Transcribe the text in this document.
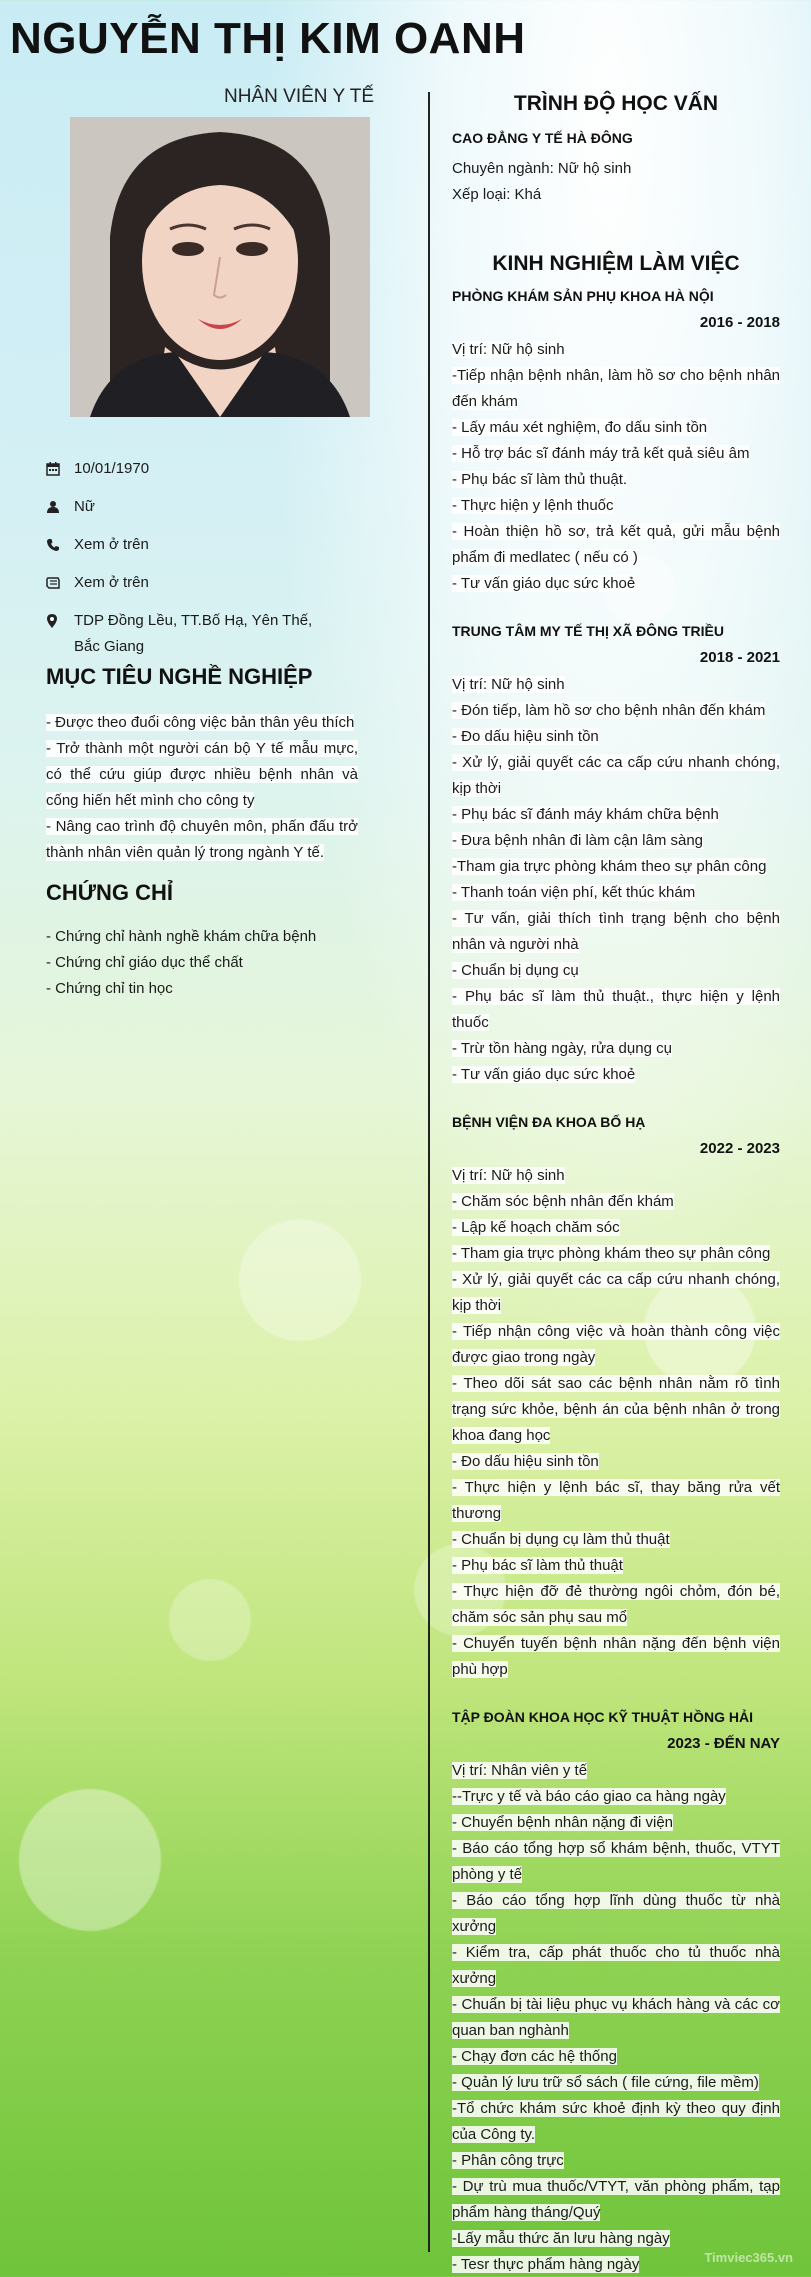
NGUYỄN THỊ KIM OANH
NHÂN VIÊN Y TẾ
10/01/1970
Nữ
Xem ở trên
Xem ở trên
TDP Đồng Lều, TT.Bố Hạ, Yên Thế, Bắc Giang
MỤC TIÊU NGHỀ NGHIỆP
- Được theo đuổi công việc bản thân yêu thích
- Trở thành một người cán bộ Y tế mẫu mực, có thể cứu giúp được nhiều bệnh nhân và cống hiến hết mình cho công ty
- Nâng cao trình độ chuyên môn, phấn đấu trở thành nhân viên quản lý trong ngành Y tế.
CHỨNG CHỈ
- Chứng chỉ hành nghề khám chữa bệnh
- Chứng chỉ giáo dục thể chất
- Chứng chỉ tin học
TRÌNH ĐỘ HỌC VẤN
CAO ĐẲNG Y TẾ HÀ ĐÔNG
Chuyên ngành: Nữ hộ sinh
Xếp loại: Khá
KINH NGHIỆM LÀM VIỆC
PHÒNG KHÁM SẢN PHỤ KHOA HÀ NỘI
2016 - 2018
Vị trí: Nữ hộ sinh
-Tiếp nhận bệnh nhân, làm hồ sơ cho bệnh nhân đến khám
- Lấy máu xét nghiệm, đo dấu sinh tồn
- Hỗ trợ bác sĩ đánh máy trả kết quả siêu âm
- Phụ bác sĩ làm thủ thuật.
- Thực hiện y lệnh thuốc
- Hoàn thiện hồ sơ, trả kết quả, gửi mẫu bệnh phẩm đi medlatec ( nếu có )
- Tư vấn giáo dục sức khoẻ
TRUNG TÂM MY TẾ THỊ XÃ ĐÔNG TRIỀU
2018 - 2021
Vị trí: Nữ hộ sinh
- Đón tiếp, làm hồ sơ cho bệnh nhân đến khám
- Đo dấu hiệu sinh tồn
- Xử lý, giải quyết các ca cấp cứu nhanh chóng, kịp thời
- Phụ bác sĩ đánh máy khám chữa bệnh
- Đưa bệnh nhân đi làm cận lâm sàng
-Tham gia trực phòng khám theo sự phân công
- Thanh toán viện phí, kết thúc khám
- Tư vấn, giải thích tình trạng bệnh cho bệnh nhân và người nhà
- Chuẩn bị dụng cụ
- Phụ bác sĩ làm thủ thuật., thực hiện y lệnh thuốc
- Trừ tồn hàng ngày, rửa dụng cụ
- Tư vấn giáo dục sức khoẻ
BỆNH VIỆN ĐA KHOA BỐ HẠ
2022 - 2023
Vị trí: Nữ hộ sinh
- Chăm sóc bệnh nhân đến khám
- Lập kế hoạch chăm sóc
- Tham gia trực phòng khám theo sự phân công
- Xử lý, giải quyết các ca cấp cứu nhanh chóng, kịp thời
- Tiếp nhận công việc và hoàn thành công việc được giao trong ngày
- Theo dõi sát sao các bệnh nhân nằm rõ tình trạng sức khỏe, bệnh án của bệnh nhân ở trong khoa đang học
- Đo dấu hiệu sinh tồn
- Thực hiện y lệnh bác sĩ, thay băng rửa vết thương
- Chuẩn bị dụng cụ làm thủ thuật
- Phụ bác sĩ làm thủ thuật
- Thực hiện đỡ đẻ thường ngôi chỏm, đón bé, chăm sóc sản phụ sau mổ
- Chuyển tuyến bệnh nhân nặng đến bệnh viện phù hợp
TẬP ĐOÀN KHOA HỌC KỸ THUẬT HỒNG HẢI
2023 - ĐẾN NAY
Vị trí: Nhân viên y tế
--Trực y tế và báo cáo giao ca hàng ngày
- Chuyển bệnh nhân nặng đi viện
- Báo cáo tổng hợp sổ khám bệnh, thuốc, VTYT phòng y tế
- Báo cáo tổng hợp lĩnh dùng thuốc từ nhà xưởng
- Kiểm tra, cấp phát thuốc cho tủ thuốc nhà xưởng
- Chuẩn bị tài liệu phục vụ khách hàng và các cơ quan ban nghành
- Chạy đơn các hệ thống
- Quản lý lưu trữ sổ sách ( file cứng, file mềm)
-Tổ chức khám sức khoẻ định kỳ theo quy định của Công ty.
- Phân công trực
- Dự trù mua thuốc/VTYT, văn phòng phẩm, tạp phẩm hàng tháng/Quý
-Lấy mẫu thức ăn lưu hàng ngày
- Tesr thực phẩm hàng ngày	Timviec365.vn
